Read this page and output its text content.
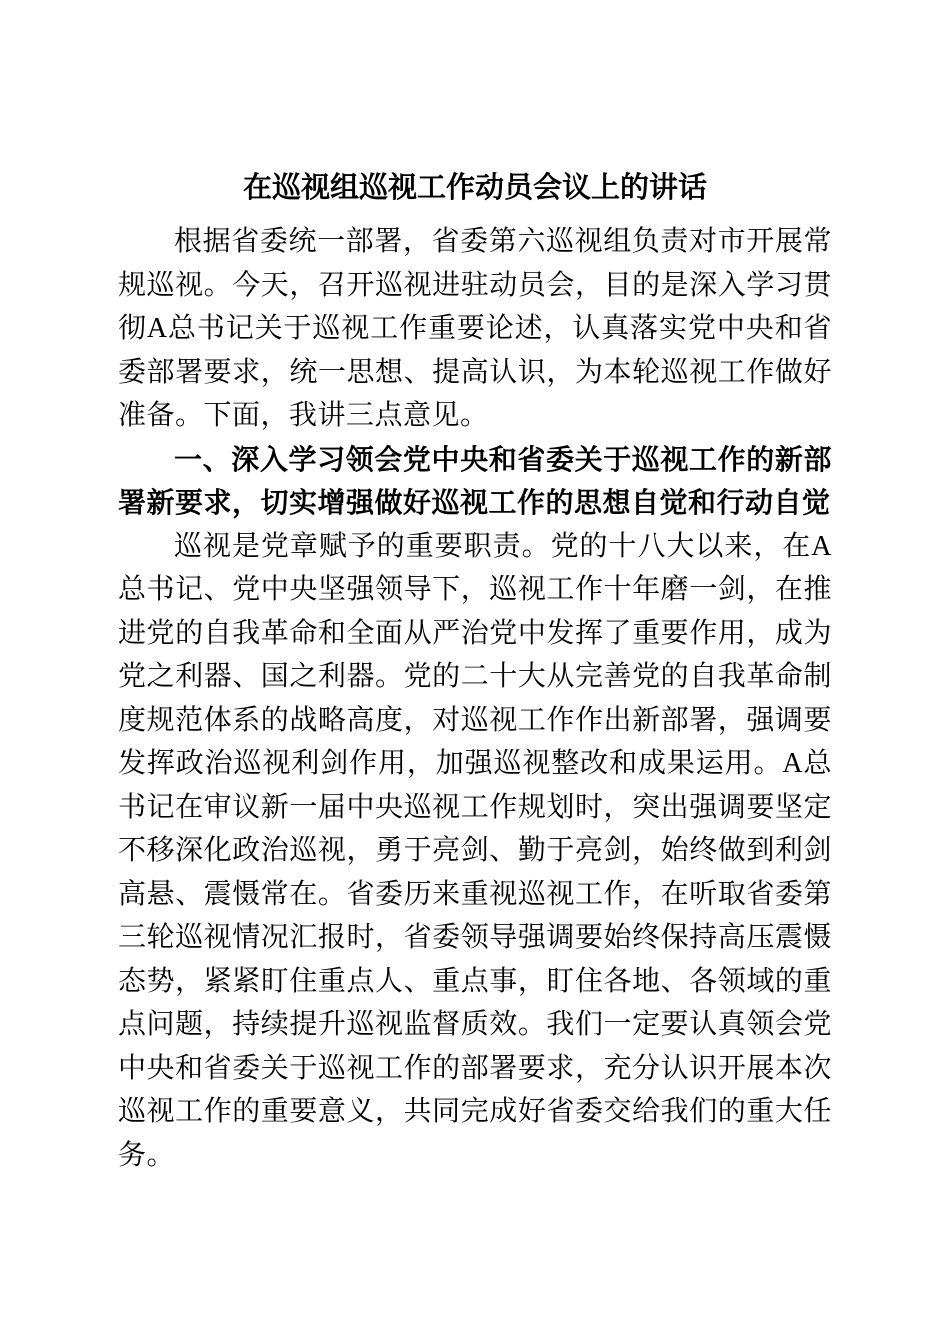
在巡视组巡视工作动员会议上的讲话

根据省委统一部署，省委第六巡视组负责对市开展常规巡视。今天，召开巡视进驻动员会，目的是深入学习贯彻A总书记关于巡视工作重要论述，认真落实党中央和省委部署要求，统一思想、提高认识，为本轮巡视工作做好准备。下面，我讲三点意见。

一、深入学习领会党中央和省委关于巡视工作的新部署新要求，切实增强做好巡视工作的思想自觉和行动自觉

巡视是党章赋予的重要职责。党的十八大以来，在A总书记、党中央坚强领导下，巡视工作十年磨一剑，在推进党的自我革命和全面从严治党中发挥了重要作用，成为党之利器、国之利器。党的二十大从完善党的自我革命制度规范体系的战略高度，对巡视工作作出新部署，强调要发挥政治巡视利剑作用，加强巡视整改和成果运用。A总书记在审议新一届中央巡视工作规划时，突出强调要坚定不移深化政治巡视，勇于亮剑、勤于亮剑，始终做到利剑高悬、震慑常在。省委历来重视巡视工作，在听取省委第三轮巡视情况汇报时，省委领导强调要始终保持高压震慑态势，紧紧盯住重点人、重点事，盯住各地、各领域的重点问题，持续提升巡视监督质效。我们一定要认真领会党中央和省委关于巡视工作的部署要求，充分认识开展本次巡视工作的重要意义，共同完成好省委交给我们的重大任务。
